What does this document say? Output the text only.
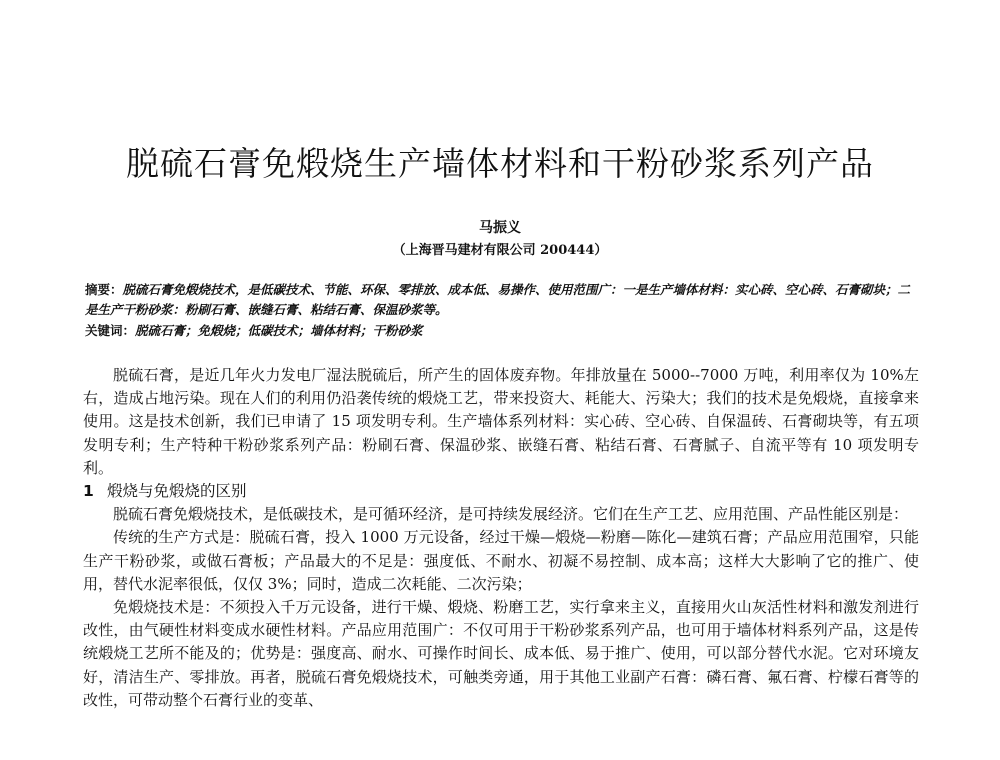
脱硫石膏免煅烧生产墙体材料和干粉砂浆系列产品
马振义
（上海晋马建材有限公司 200444）
摘要：脱硫石膏免煅烧技术，是低碳技术、节能、环保、零排放、成本低、易操作、使用范围广：一是生产墙体材料：实心砖、空心砖、石膏砌块；二是生产干粉砂浆：粉刷石膏、嵌缝石膏、粘结石膏、保温砂浆等。
关键词：脱硫石膏；免煅烧；低碳技术；墙体材料；干粉砂浆

脱硫石膏，是近几年火力发电厂湿法脱硫后，所产生的固体废弃物。年排放量在 5000--7000 万吨，利用率仅为 10%左右，造成占地污染。现在人们的利用仍沿袭传统的煅烧工艺，带来投资大、耗能大、污染大；我们的技术是免煅烧，直接拿来使用。这是技术创新，我们已申请了 15 项发明专利。生产墙体系列材料：实心砖、空心砖、自保温砖、石膏砌块等，有五项发明专利；生产特种干粉砂浆系列产品：粉刷石膏、保温砂浆、嵌缝石膏、粘结石膏、石膏腻子、自流平等有 10 项发明专利。

1 煅烧与免煅烧的区别

脱硫石膏免煅烧技术，是低碳技术，是可循环经济，是可持续发展经济。它们在生产工艺、应用范围、产品性能区别是：

传统的生产方式是：脱硫石膏，投入 1000 万元设备，经过干燥—煅烧—粉磨—陈化—建筑石膏；产品应用范围窄，只能生产干粉砂浆，或做石膏板；产品最大的不足是：强度低、不耐水、初凝不易控制、成本高；这样大大影响了它的推广、使用，替代水泥率很低，仅仅 3%；同时，造成二次耗能、二次污染；

免煅烧技术是：不须投入千万元设备，进行干燥、煅烧、粉磨工艺，实行拿来主义，直接用火山灰活性材料和激发剂进行改性，由气硬性材料变成水硬性材料。产品应用范围广：不仅可用于干粉砂浆系列产品，也可用于墙体材料系列产品，这是传统煅烧工艺所不能及的；优势是：强度高、耐水、可操作时间长、成本低、易于推广、使用，可以部分替代水泥。它对环境友好，清洁生产、零排放。再者，脱硫石膏免煅烧技术，可触类旁通，用于其他工业副产石膏：磷石膏、氟石膏、柠檬石膏等的改性，可带动整个石膏行业的变革、
